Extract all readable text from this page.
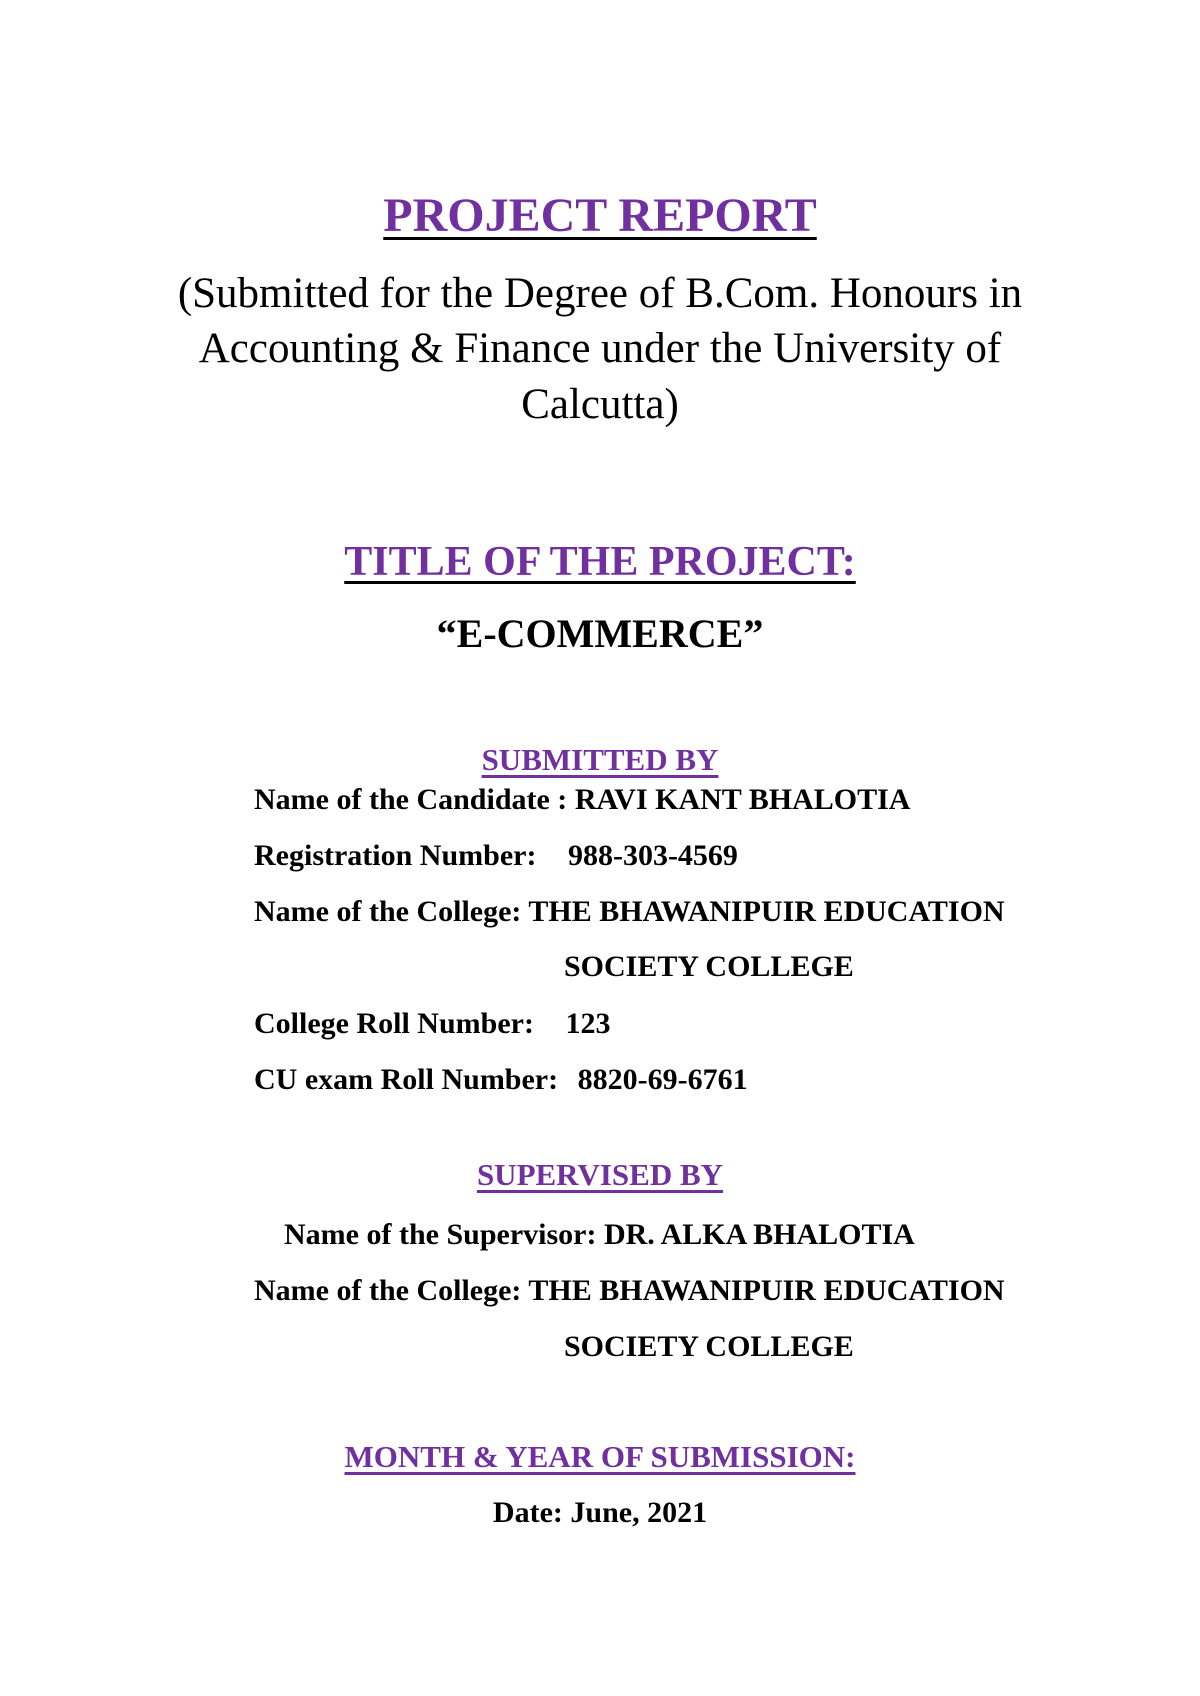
PROJECT REPORT
(Submitted for the Degree of B.Com. Honours in
Accounting & Finance under the University of
Calcutta)
TITLE OF THE PROJECT:
“E-COMMERCE”
SUBMITTED BY
Name of the Candidate : RAVI KANT BHALOTIA
Registration Number: 988-303-4569
Name of the College: THE BHAWANIPUIR EDUCATION
SOCIETY COLLEGE
College Roll Number: 123
CU exam Roll Number: 8820-69-6761
SUPERVISED BY
Name of the Supervisor: DR. ALKA BHALOTIA
Name of the College: THE BHAWANIPUIR EDUCATION
SOCIETY COLLEGE
MONTH & YEAR OF SUBMISSION:
Date: June, 2021
